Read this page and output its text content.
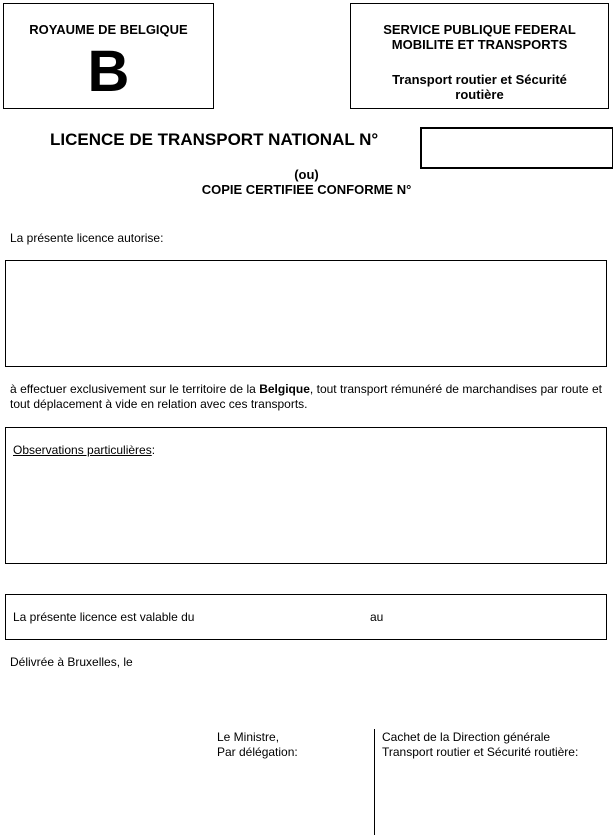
ROYAUME DE BELGIQUE
B
SERVICE PUBLIQUE FEDERAL
MOBILITE ET TRANSPORTS
Transport routier et Sécurité
routière
LICENCE DE TRANSPORT NATIONAL N°
(ou)
COPIE CERTIFIEE CONFORME N°
La présente licence autorise:
à effectuer exclusivement sur le territoire de la Belgique, tout transport rémunéré de marchandises par route et tout déplacement à vide en relation avec ces transports.
Observations particulières:
La présente licence est valable du	au
Délivrée à Bruxelles, le
Le Ministre,
Par délégation:
Cachet de la Direction générale
Transport routier et Sécurité routière:
